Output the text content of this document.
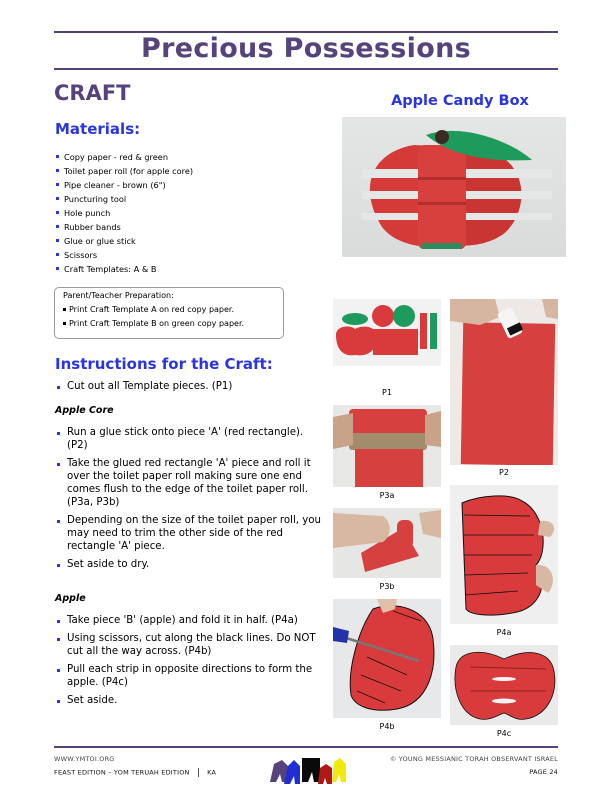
Precious Possessions
CRAFT	Apple Candy Box
Materials:
Copy paper - red & green
Toilet paper roll (for apple core)
Pipe cleaner - brown (6")
Puncturing tool
Hole punch
Rubber bands
Glue or glue stick
Scissors
Craft Templates: A & B
Parent/Teacher Preparation:
Print Craft Template A on red copy paper.
Print Craft Template B on green copy paper.
Instructions for the Craft:
Cut out all Template pieces. (P1)
Apple Core
Run a glue stick onto piece 'A' (red rectangle). (P2)
Take the glued red rectangle 'A' piece and roll it over the toilet paper roll making sure one end comes flush to the edge of the toilet paper roll. (P3a, P3b)
Depending on the size of the toilet paper roll, you may need to trim the other side of the red rectangle 'A' piece.
Set aside to dry.
Apple
Take piece 'B' (apple) and fold it in half. (P4a)
Using scissors, cut along the black lines. Do NOT cut all the way across. (P4b)
Pull each strip in opposite directions to form the apple. (P4c)
Set aside.
P1
P2
P3a
P3b
P4a
P4b
P4c
WWW.YMTOI.ORG
FEAST EDITION – YOM TERUAH EDITION	KA
© YOUNG MESSIANIC TORAH OBSERVANT ISRAEL
PAGE 24
